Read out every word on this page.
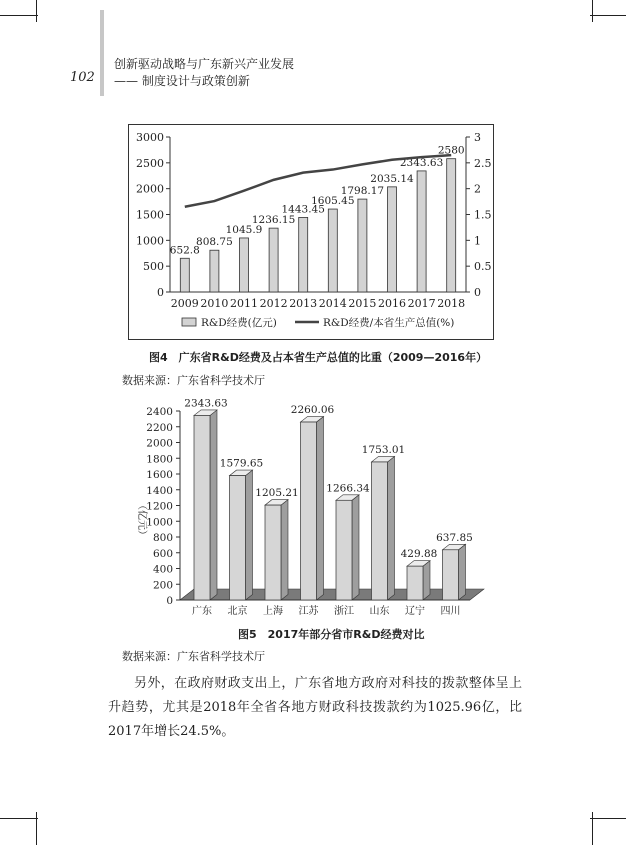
102
创新驱动战略与广东新兴产业发展
—— 制度设计与政策创新
0
500
1000
1500
2000
2500
3000
0
0.5
1
1.5
2
2.5
3
652.8
2009
808.75
2010
1045.9
2011
1236.15
2012
1443.45
2013
1605.45
2014
1798.17
2015
2035.14
2016
2343.63
2017
2580
2018
R&D经费(亿元)	R&D经费/本省生产总值(%)
图4　广东省R&D经费及占本省生产总值的比重（2009—2016年）
数据来源：广东省科学技术厅
0
200
400
600
800
1000
1200
1400
1600
1800
2000
2200
2400
（亿元）
2343.63
广东
1579.65
北京
1205.21
上海
2260.06
江苏
1266.34
浙江
1753.01
山东
429.88
辽宁
637.85
四川
图5　2017年部分省市R&D经费对比
数据来源：广东省科学技术厅
另外，在政府财政支出上，广东省地方政府对科技的拨款整体呈上升趋势，尤其是2018年全省各地方财政科技拨款约为1025.96亿，比2017年增长24.5%。
